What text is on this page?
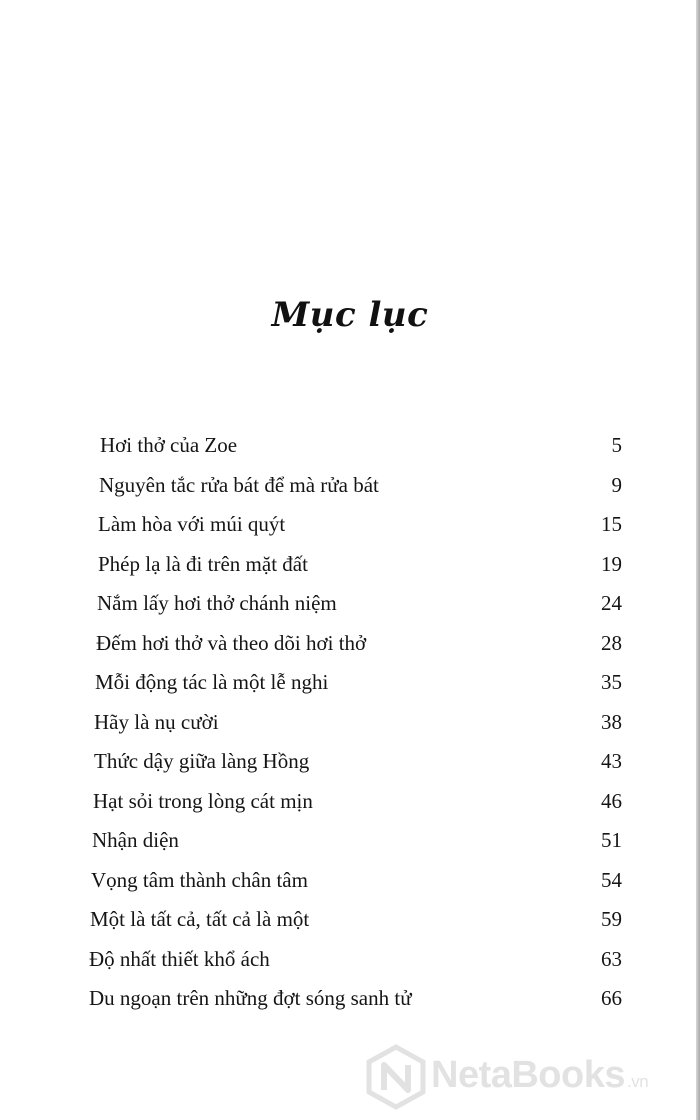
Mục lục
Hơi thở của Zoe	5
Nguyên tắc rửa bát để mà rửa bát	9
Làm hòa với múi quýt	15
Phép lạ là đi trên mặt đất	19
Nắm lấy hơi thở chánh niệm	24
Đếm hơi thở và theo dõi hơi thở	28
Mỗi động tác là một lễ nghi	35
Hãy là nụ cười	38
Thức dậy giữa làng Hồng	43
Hạt sỏi trong lòng cát mịn	46
Nhận diện	51
Vọng tâm thành chân tâm	54
Một là tất cả, tất cả là một	59
Độ nhất thiết khổ ách	63
Du ngoạn trên những đợt sóng sanh tử	66
NetaBooks .vn
